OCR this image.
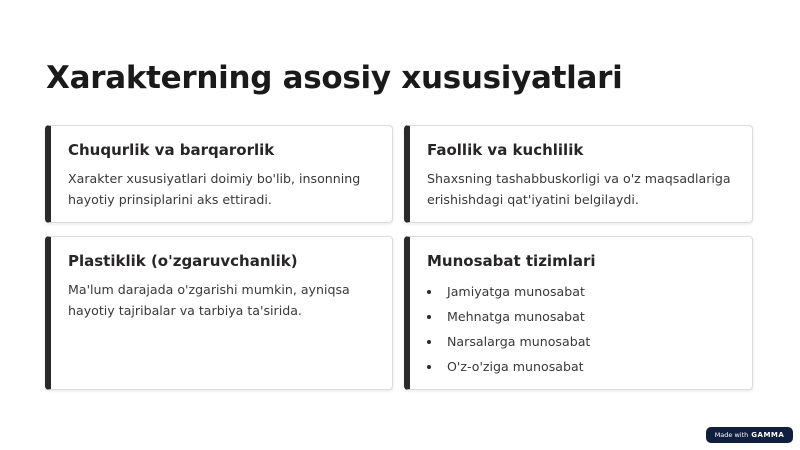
Xarakterning asosiy xususiyatlari
Chuqurlik va barqarorlik

Xarakter xususiyatlari doimiy bo'lib, insonning hayotiy prinsiplarini aks ettiradi.

Faollik va kuchlilik

Shaxsning tashabbuskorligi va o'z maqsadlariga erishishdagi qat'iyatini belgilaydi.

Plastiklik (o'zgaruvchanlik)

Ma'lum darajada o'zgarishi mumkin, ayniqsa hayotiy tajribalar va tarbiya ta'sirida.

Munosabat tizimlari
Jamiyatga munosabat
Mehnatga munosabat
Narsalarga munosabat
O'z-o'ziga munosabat
Made with GAMMA
